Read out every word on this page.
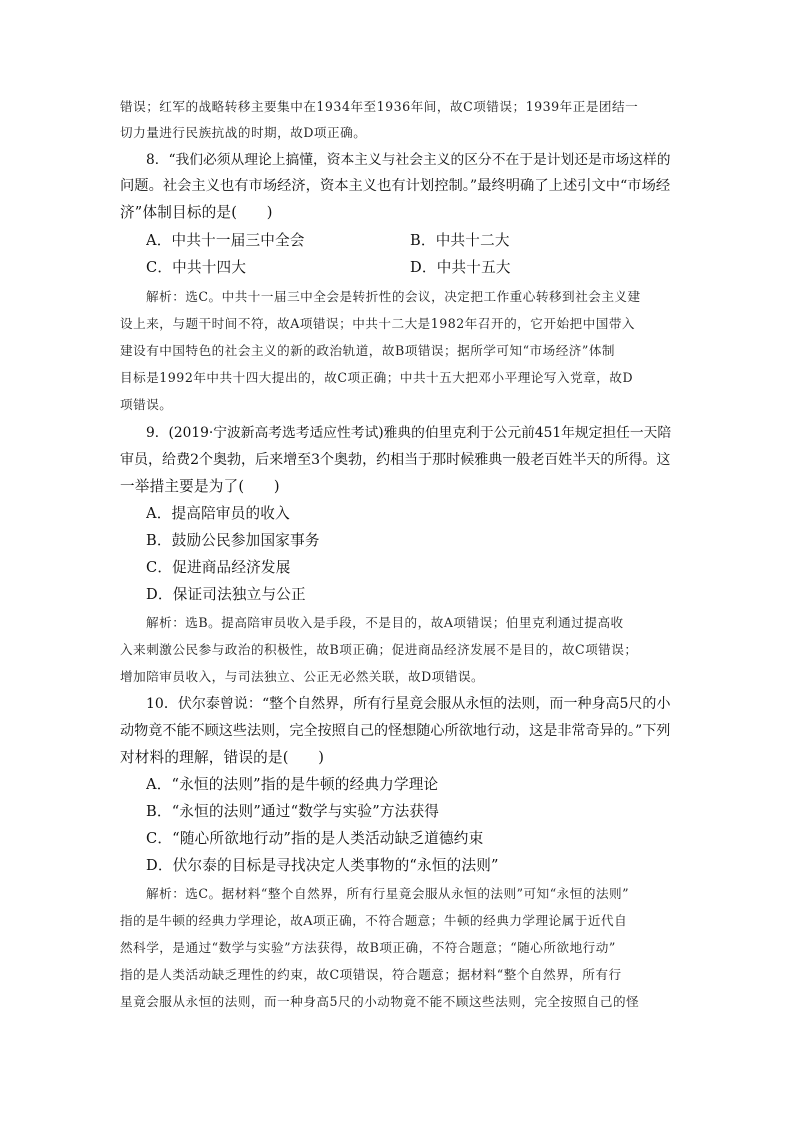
错误；红军的战略转移主要集中在1934年至1936年间，故C项错误；1939年正是团结一
切力量进行民族抗战的时期，故D项正确。
8．“我们必须从理论上搞懂，资本主义与社会主义的区分不在于是计划还是市场这样的
问题。社会主义也有市场经济，资本主义也有计划控制。”最终明确了上述引文中“市场经
济”体制目标的是(　　)
A．中共十一届三中全会	B．中共十二大
C．中共十四大	D．中共十五大
解析：选C。中共十一届三中全会是转折性的会议，决定把工作重心转移到社会主义建
设上来，与题干时间不符，故A项错误；中共十二大是1982年召开的，它开始把中国带入
建设有中国特色的社会主义的新的政治轨道，故B项错误；据所学可知“市场经济”体制
目标是1992年中共十四大提出的，故C项正确；中共十五大把邓小平理论写入党章，故D
项错误。
9．(2019·宁波新高考选考适应性考试)雅典的伯里克利于公元前451年规定担任一天陪
审员，给费2个奥勃，后来增至3个奥勃，约相当于那时候雅典一般老百姓半天的所得。这
一举措主要是为了(　　)
A．提高陪审员的收入
B．鼓励公民参加国家事务
C．促进商品经济发展
D．保证司法独立与公正
解析：选B。提高陪审员收入是手段，不是目的，故A项错误；伯里克利通过提高收
入来刺激公民参与政治的积极性，故B项正确；促进商品经济发展不是目的，故C项错误；
增加陪审员收入，与司法独立、公正无必然关联，故D项错误。
10．伏尔泰曾说：“整个自然界，所有行星竟会服从永恒的法则，而一种身高5尺的小
动物竟不能不顾这些法则，完全按照自己的怪想随心所欲地行动，这是非常奇异的。”下列
对材料的理解，错误的是(　　)
A．“永恒的法则”指的是牛顿的经典力学理论
B．“永恒的法则”通过“数学与实验”方法获得
C．“随心所欲地行动”指的是人类活动缺乏道德约束
D．伏尔泰的目标是寻找决定人类事物的“永恒的法则”
解析：选C。据材料“整个自然界，所有行星竟会服从永恒的法则”可知“永恒的法则”
指的是牛顿的经典力学理论，故A项正确，不符合题意；牛顿的经典力学理论属于近代自
然科学，是通过“数学与实验”方法获得，故B项正确，不符合题意；“随心所欲地行动”
指的是人类活动缺乏理性的约束，故C项错误，符合题意；据材料“整个自然界，所有行
星竟会服从永恒的法则，而一种身高5尺的小动物竟不能不顾这些法则，完全按照自己的怪
